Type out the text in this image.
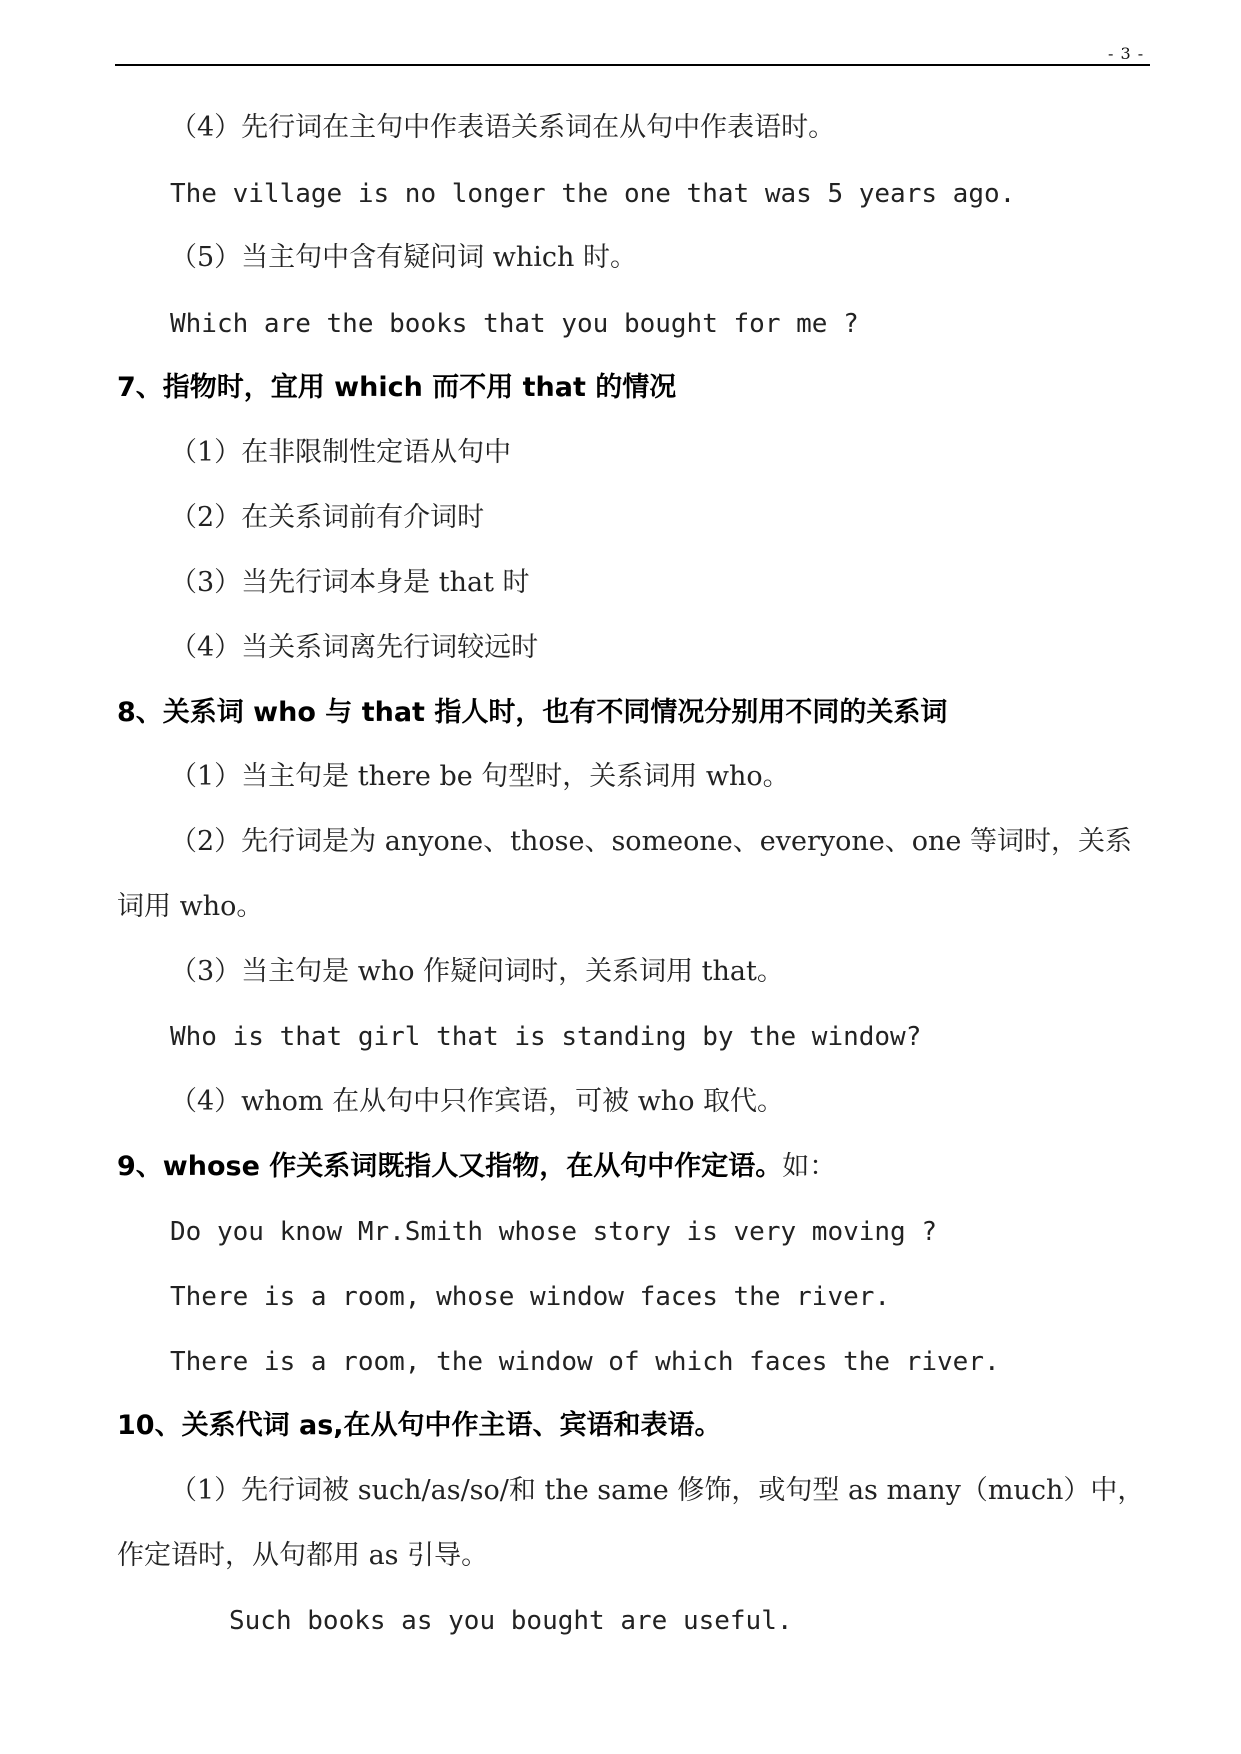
- 3 -
（4）先行词在主句中作表语关系词在从句中作表语时。
The village is no longer the one that was 5 years ago.
（5）当主句中含有疑问词 which 时。
Which are the books that you bought for me ?
7、指物时，宜用 which 而不用 that 的情况
（1）在非限制性定语从句中
（2）在关系词前有介词时
（3）当先行词本身是 that 时
（4）当关系词离先行词较远时
8、关系词 who 与 that 指人时，也有不同情况分别用不同的关系词
（1）当主句是 there be 句型时，关系词用 who。
（2）先行词是为 anyone、those、someone、everyone、one 等词时，关系
词用 who。
（3）当主句是 who 作疑问词时，关系词用 that。
Who is that girl that is standing by the window?
（4）whom 在从句中只作宾语，可被 who 取代。
9、whose 作关系词既指人又指物，在从句中作定语。如：
Do you know Mr.Smith whose story is very moving ?
There is a room, whose window faces the river.
There is a room, the window of which faces the river.
10、关系代词 as,在从句中作主语、宾语和表语。
（1）先行词被 such/as/so/和 the same 修饰，或句型 as many（much）中，
作定语时，从句都用 as 引导。
Such books as you bought are useful.
